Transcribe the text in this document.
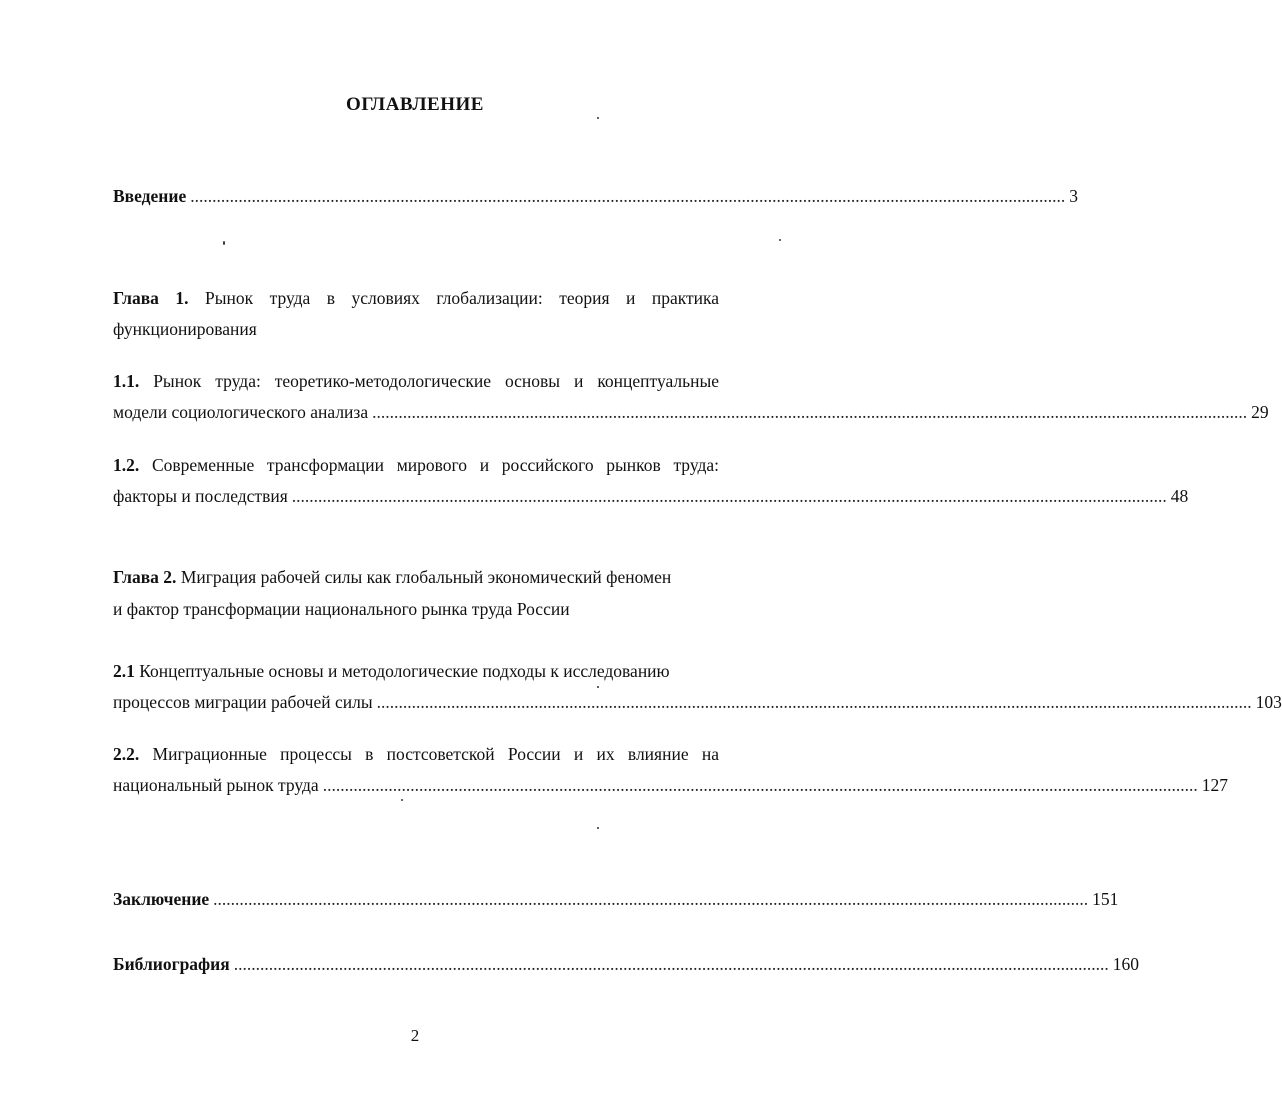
ОГЛАВЛЕНИЕ
Введение ........................................................................................................................................................................................................ 3
Глава 1. Рынок труда в условиях глобализации: теория и практика
функционирования
1.1. Рынок труда: теоретико-методологические основы и концептуальные
модели социологического анализа ........................................................................................................................................................................................................ 29
1.2. Современные трансформации мирового и российского рынков труда:
факторы и последствия ........................................................................................................................................................................................................ 48
Глава 2. Миграция рабочей силы как глобальный экономический феномен
и фактор трансформации национального рынка труда России
2.1 Концептуальные основы и методологические подходы к исследованию
процессов миграции рабочей силы ........................................................................................................................................................................................................ 103
2.2. Миграционные процессы в постсоветской России и их влияние на
национальный рынок труда ........................................................................................................................................................................................................ 127
Заключение ........................................................................................................................................................................................................ 151
Библиография ........................................................................................................................................................................................................ 160
2
